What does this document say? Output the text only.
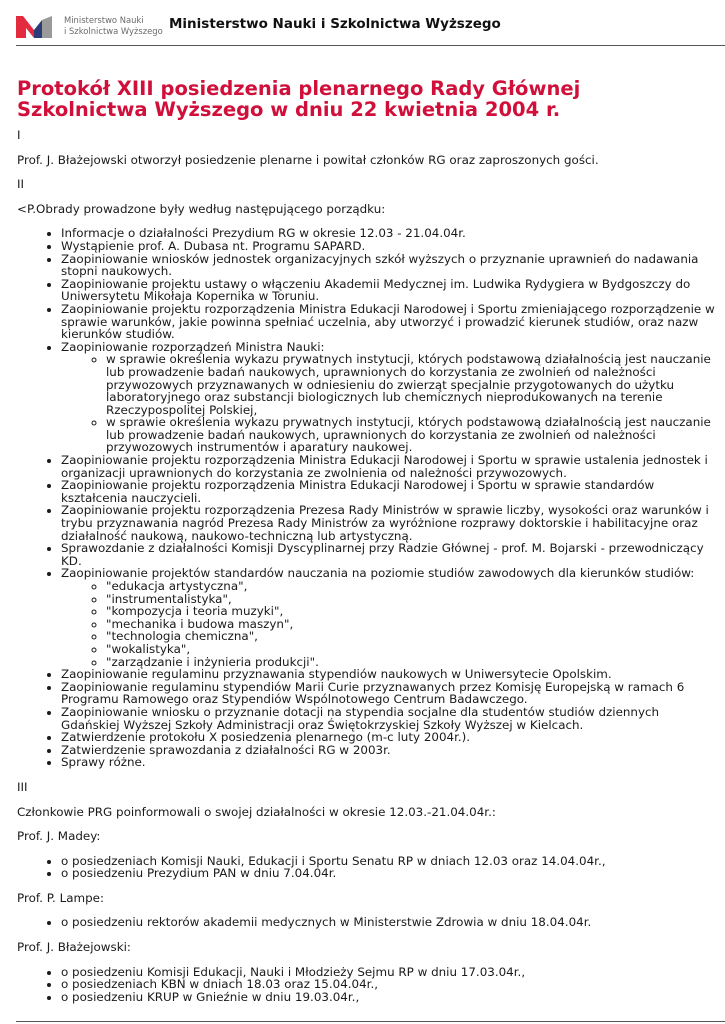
Ministerstwo Nauki
i Szkolnictwa Wyższego Ministerstwo Nauki i Szkolnictwa Wyższego
Protokół XIII posiedzenia plenarnego Rady Głównej Szkolnictwa Wyższego w dniu 22 kwietnia 2004 r.

I

Prof. J. Błażejowski otworzył posiedzenie plenarne i powitał członków RG oraz zaproszonych gości.

II

<P.Obrady prowadzone były według następującego porządku:

• Informacje o działalności Prezydium RG w okresie 12.03 - 21.04.04r.
• Wystąpienie prof. A. Dubasa nt. Programu SAPARD.
• Zaopiniowanie wniosków jednostek organizacyjnych szkół wyższych o przyznanie uprawnień do nadawania stopni naukowych.
• Zaopiniowanie projektu ustawy o włączeniu Akademii Medycznej im. Ludwika Rydygiera w Bydgoszczy do Uniwersytetu Mikołaja Kopernika w Toruniu.
• Zaopiniowanie projektu rozporządzenia Ministra Edukacji Narodowej i Sportu zmieniającego rozporządzenie w sprawie warunków, jakie powinna spełniać uczelnia, aby utworzyć i prowadzić kierunek studiów, oraz nazw kierunków studiów.
• Zaopiniowanie rozporządzeń Ministra Nauki:
◦ w sprawie określenia wykazu prywatnych instytucji, których podstawową działalnością jest nauczanie lub prowadzenie badań naukowych, uprawnionych do korzystania ze zwolnień od należności przywozowych przyznawanych w odniesieniu do zwierząt specjalnie przygotowanych do użytku laboratoryjnego oraz substancji biologicznych lub chemicznych nieprodukowanych na terenie Rzeczypospolitej Polskiej,
◦ w sprawie określenia wykazu prywatnych instytucji, których podstawową działalnością jest nauczanie lub prowadzenie badań naukowych, uprawnionych do korzystania ze zwolnień od należności przywozowych instrumentów i aparatury naukowej.
• Zaopiniowanie projektu rozporządzenia Ministra Edukacji Narodowej i Sportu w sprawie ustalenia jednostek i organizacji uprawnionych do korzystania ze zwolnienia od należności przywozowych.
• Zaopiniowanie projektu rozporządzenia Ministra Edukacji Narodowej i Sportu w sprawie standardów kształcenia nauczycieli.
• Zaopiniowanie projektu rozporządzenia Prezesa Rady Ministrów w sprawie liczby, wysokości oraz warunków i trybu przyznawania nagród Prezesa Rady Ministrów za wyróżnione rozprawy doktorskie i habilitacyjne oraz działalność naukową, naukowo-techniczną lub artystyczną.
• Sprawozdanie z działalności Komisji Dyscyplinarnej przy Radzie Głównej - prof. M. Bojarski - przewodniczący KD.
• Zaopiniowanie projektów standardów nauczania na poziomie studiów zawodowych dla kierunków studiów:
◦ "edukacja artystyczna",
◦ "instrumentalistyka",
◦ "kompozycja i teoria muzyki",
◦ "mechanika i budowa maszyn",
◦ "technologia chemiczna",
◦ "wokalistyka",
◦ "zarządzanie i inżynieria produkcji".
• Zaopiniowanie regulaminu przyznawania stypendiów naukowych w Uniwersytecie Opolskim.
• Zaopiniowanie regulaminu stypendiów Marii Curie przyznawanych przez Komisję Europejską w ramach 6 Programu Ramowego oraz Stypendiów Wspólnotowego Centrum Badawczego.
• Zaopiniowanie wniosku o przyznanie dotacji na stypendia socjalne dla studentów studiów dziennych Gdańskiej Wyższej Szkoły Administracji oraz Świętokrzyskiej Szkoły Wyższej w Kielcach.
• Zatwierdzenie protokołu X posiedzenia plenarnego (m-c luty 2004r.).
• Zatwierdzenie sprawozdania z działalności RG w 2003r.
• Sprawy różne.

III

Członkowie PRG poinformowali o swojej działalności w okresie 12.03.-21.04.04r.:

Prof. J. Madey:

• o posiedzeniach Komisji Nauki, Edukacji i Sportu Senatu RP w dniach 12.03 oraz 14.04.04r.,
• o posiedzeniu Prezydium PAN w dniu 7.04.04r.

Prof. P. Lampe:

• o posiedzeniu rektorów akademii medycznych w Ministerstwie Zdrowia w dniu 18.04.04r.

Prof. J. Błażejowski:

• o posiedzeniu Komisji Edukacji, Nauki i Młodzieży Sejmu RP w dniu 17.03.04r.,
• o posiedzeniach KBN w dniach 18.03 oraz 15.04.04r.,
• o posiedzeniu KRUP w Gnieźnie w dniu 19.03.04r.,
